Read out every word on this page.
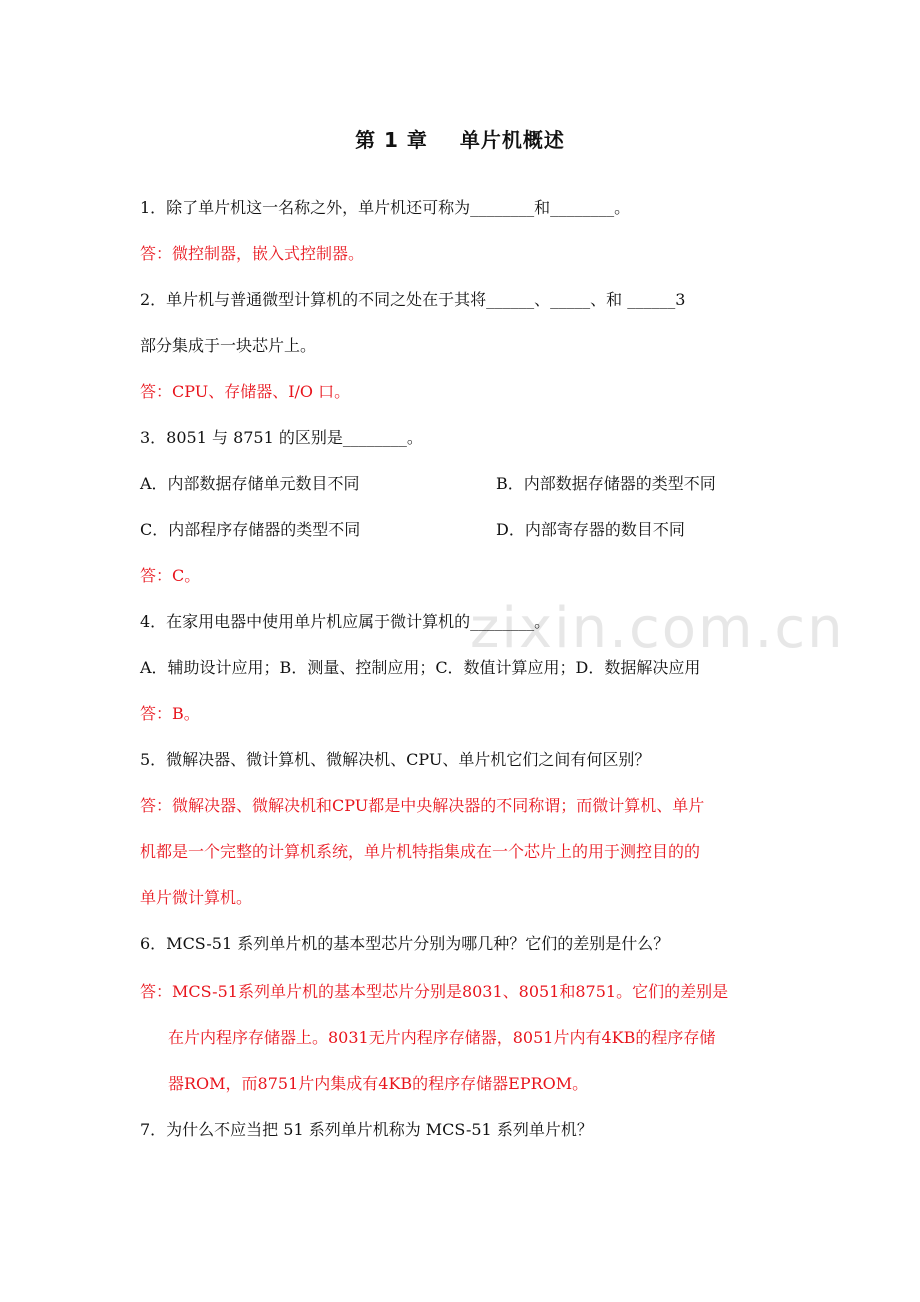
第 1 章 单片机概述
zixin.com.cn
1．除了单片机这一名称之外，单片机还可称为________和________。
答：微控制器，嵌入式控制器。
2．单片机与普通微型计算机的不同之处在于其将______、_____、和 ______3
部分集成于一块芯片上。
答：CPU、存储器、I/O 口。
3．8051 与 8751 的区别是________。
A．内部数据存储单元数目不同	B．内部数据存储器的类型不同
C．内部程序存储器的类型不同	D．内部寄存器的数目不同
答：C。
4．在家用电器中使用单片机应属于微计算机的________。
A．辅助设计应用；B．测量、控制应用；C．数值计算应用；D．数据解决应用
答：B。
5．微解决器、微计算机、微解决机、CPU、单片机它们之间有何区别？
答：微解决器、微解决机和CPU都是中央解决器的不同称谓；而微计算机、单片
机都是一个完整的计算机系统，单片机特指集成在一个芯片上的用于测控目的的
单片微计算机。
6．MCS-51 系列单片机的基本型芯片分别为哪几种？它们的差别是什么？
答：MCS-51系列单片机的基本型芯片分别是8031、8051和8751。它们的差别是
在片内程序存储器上。8031无片内程序存储器，8051片内有4KB的程序存储
器ROM，而8751片内集成有4KB的程序存储器EPROM。
7．为什么不应当把 51 系列单片机称为 MCS-51 系列单片机？
